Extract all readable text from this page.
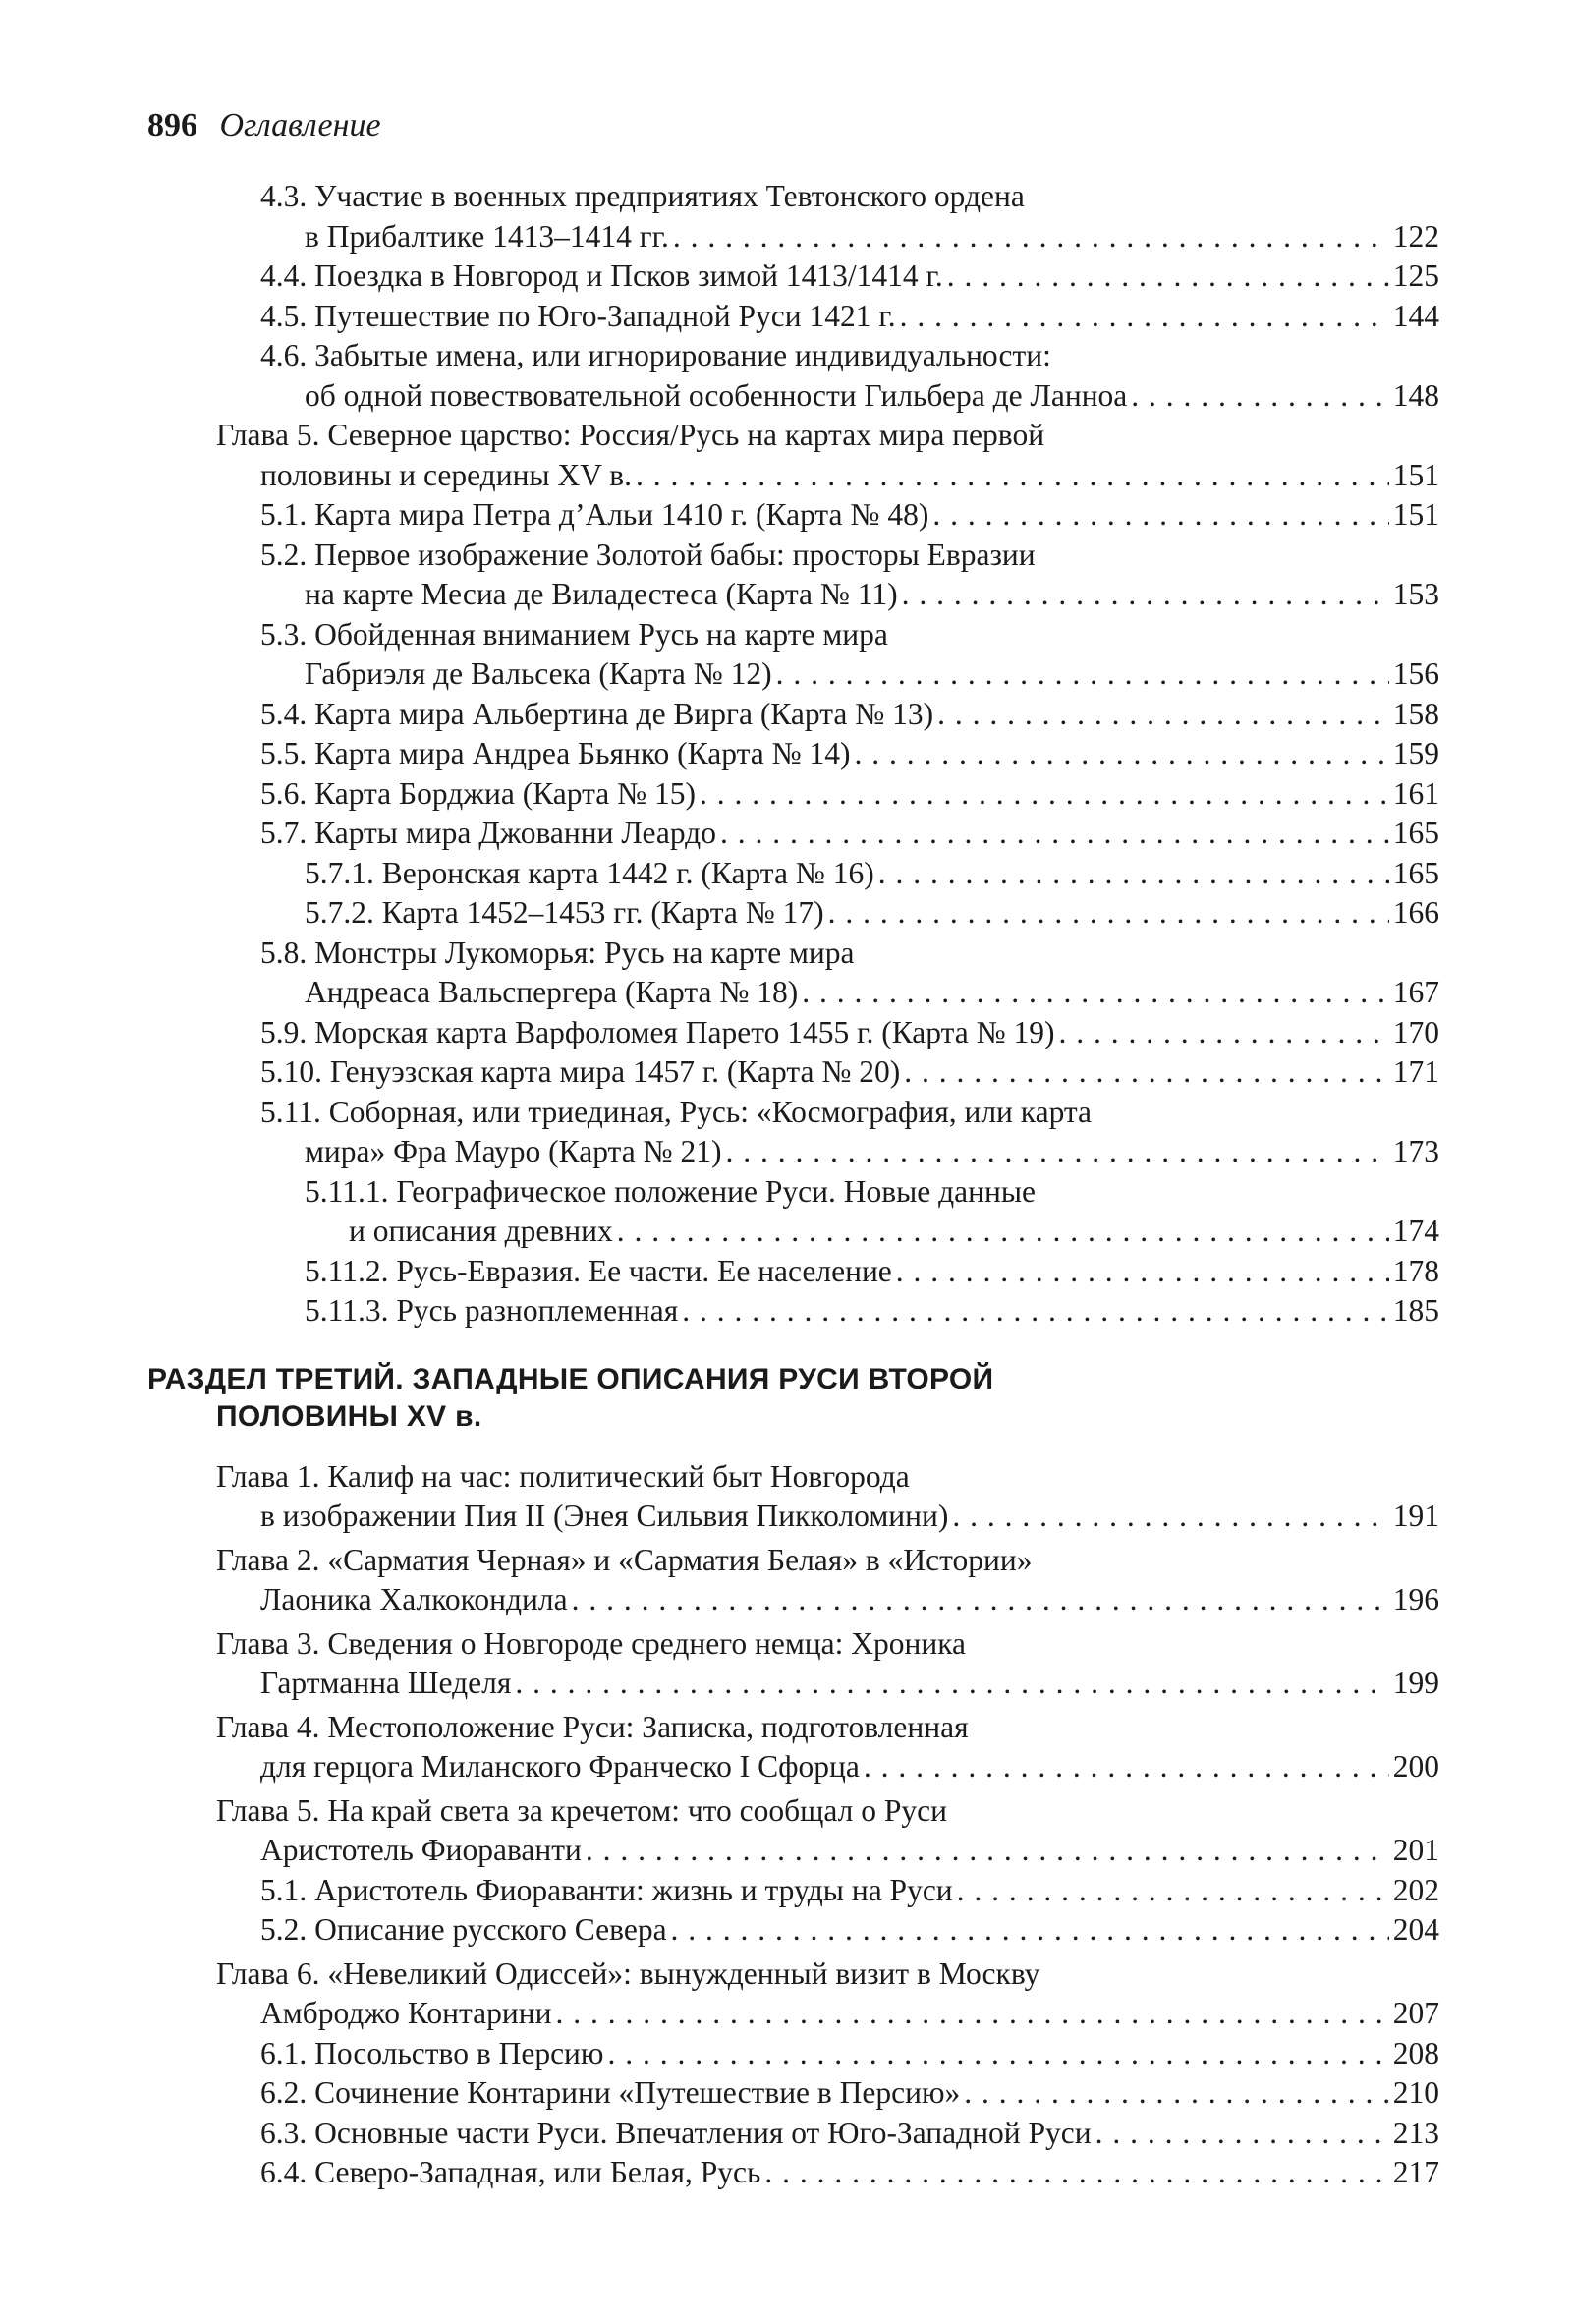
896 Оглавление
4.3. Участие в военных предприятиях Тевтонского ордена
в Прибалтике 1413–1414 гг. . . .	122
4.4. Поездка в Новгород и Псков зимой 1413/1414 г. . . .	125
4.5. Путешествие по Юго-Западной Руси 1421 г. . . .	144
4.6. Забытые имена, или игнорирование индивидуальности:
об одной повествовательной особенности Гильбера де Ланноа . . .	148
Глава 5. Северное царство: Россия/Русь на картах мира первой
половины и середины XV в. . . .	151
5.1. Карта мира Петра д’Альи 1410 г. (Карта № 48) . . .	151
5.2. Первое изображение Золотой бабы: просторы Евразии
на карте Месиа де Виладестеса (Карта № 11) . . .	153
5.3. Обойденная вниманием Русь на карте мира
Габриэля де Вальсека (Карта № 12) . . .	156
5.4. Карта мира Альбертина де Вирга (Карта № 13) . . .	158
5.5. Карта мира Андреа Бьянко (Карта № 14) . . .	159
5.6. Карта Борджиа (Карта № 15) . . .	161
5.7. Карты мира Джованни Леардо . . .	165
5.7.1. Веронская карта 1442 г. (Карта № 16) . . .	165
5.7.2. Карта 1452–1453 гг. (Карта № 17) . . .	166
5.8. Монстры Лукоморья: Русь на карте мира
Андреаса Вальспергера (Карта № 18) . . .	167
5.9. Морская карта Варфоломея Парето 1455 г. (Карта № 19) . . .	170
5.10. Генуэзская карта мира 1457 г. (Карта № 20) . . .	171
5.11. Соборная, или триединая, Русь: «Космография, или карта
мира» Фра Мауро (Карта № 21) . . .	173
5.11.1. Географическое положение Руси. Новые данные
и описания древних . . .	174
5.11.2. Русь-Евразия. Ее части. Ее население . . .	178
5.11.3. Русь разноплеменная . . .	185
РАЗДЕЛ ТРЕТИЙ. ЗАПАДНЫЕ ОПИСАНИЯ РУСИ ВТОРОЙ
ПОЛОВИНЫ XV в.
Глава 1. Калиф на час: политический быт Новгорода
в изображении Пия II (Энея Сильвия Пикколомини) . . .	191
Глава 2. «Сарматия Черная» и «Сарматия Белая» в «Истории»
Лаоника Халкокондила . . .	196
Глава 3. Сведения о Новгороде среднего немца: Хроника
Гартманна Шеделя . . .	199
Глава 4. Местоположение Руси: Записка, подготовленная
для герцога Миланского Франческо I Сфорца . . .	200
Глава 5. На край света за кречетом: что сообщал о Руси
Аристотель Фиораванти . . .	201
5.1. Аристотель Фиораванти: жизнь и труды на Руси . . .	202
5.2. Описание русского Севера . . .	204
Глава 6. «Невеликий Одиссей»: вынужденный визит в Москву
Амброджо Контарини . . .	207
6.1. Посольство в Персию . . .	208
6.2. Сочинение Контарини «Путешествие в Персию» . . .	210
6.3. Основные части Руси. Впечатления от Юго-Западной Руси . . .	213
6.4. Северо-Западная, или Белая, Русь . . .	217
